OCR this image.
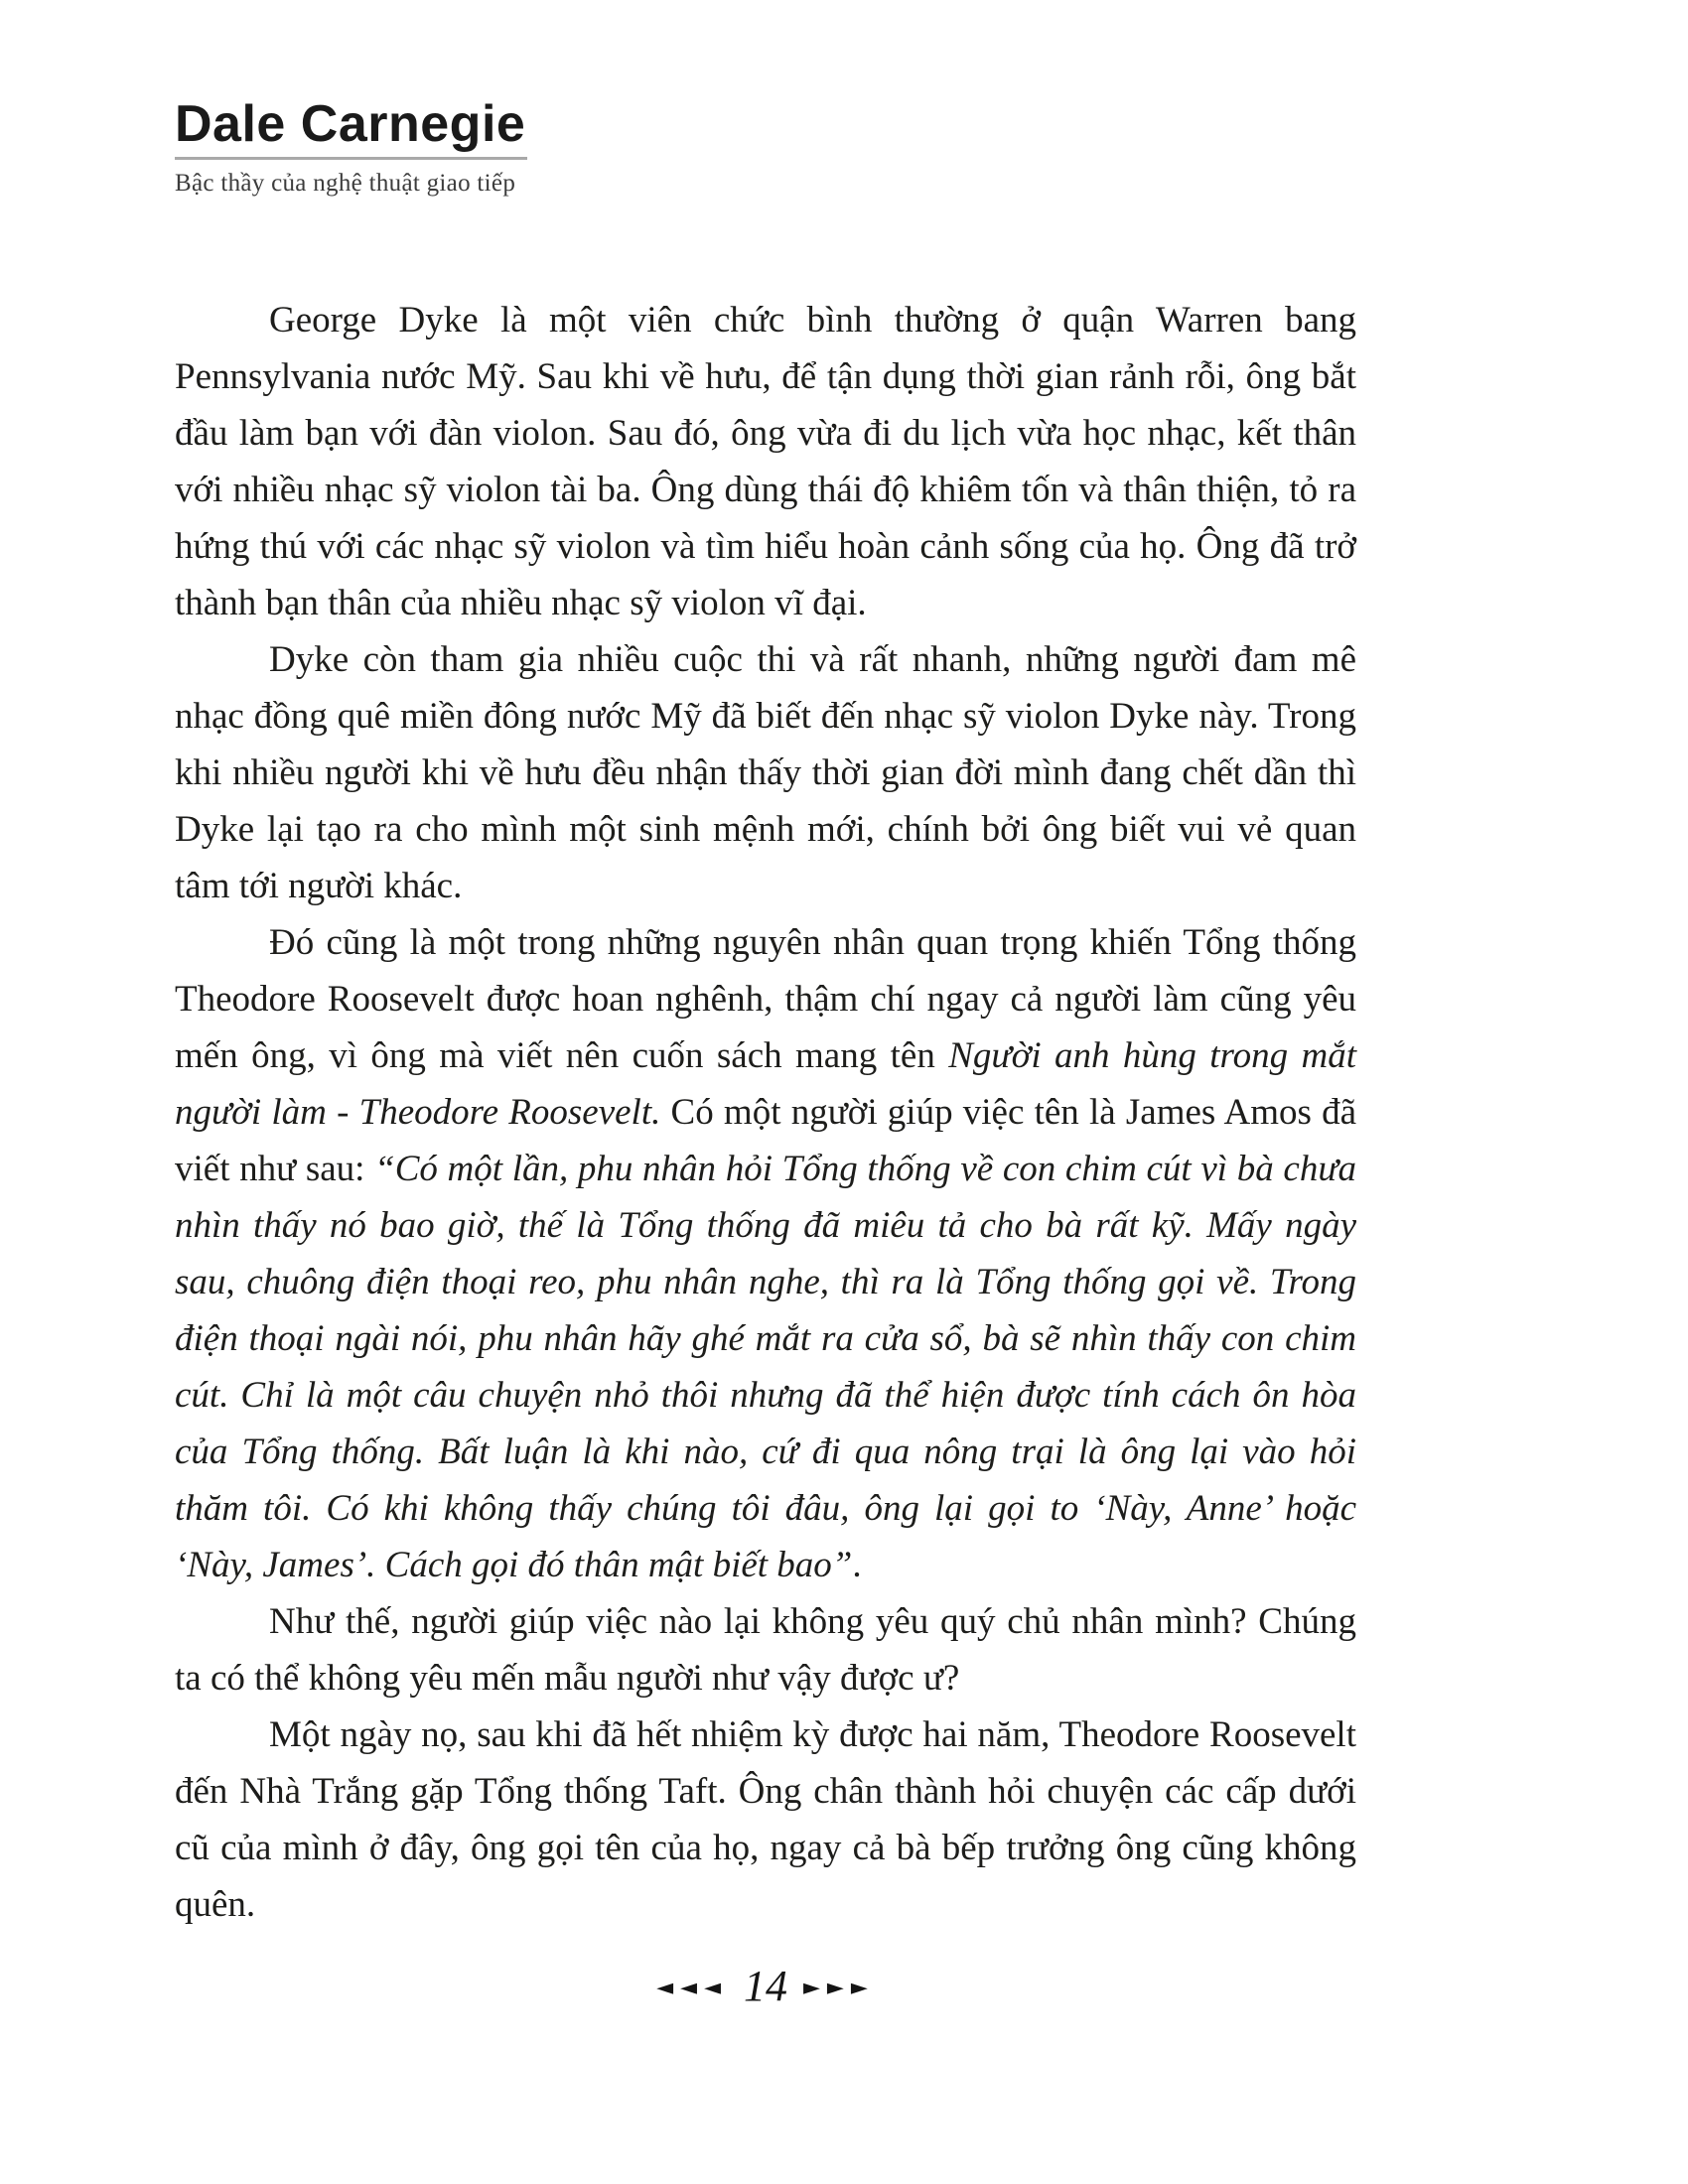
Dale Carnegie
Bậc thầy của nghệ thuật giao tiếp

George Dyke là một viên chức bình thường ở quận Warren bang Pennsylvania nước Mỹ. Sau khi về hưu, để tận dụng thời gian rảnh rỗi, ông bắt đầu làm bạn với đàn violon. Sau đó, ông vừa đi du lịch vừa học nhạc, kết thân với nhiều nhạc sỹ violon tài ba. Ông dùng thái độ khiêm tốn và thân thiện, tỏ ra hứng thú với các nhạc sỹ violon và tìm hiểu hoàn cảnh sống của họ. Ông đã trở thành bạn thân của nhiều nhạc sỹ violon vĩ đại.

Dyke còn tham gia nhiều cuộc thi và rất nhanh, những người đam mê nhạc đồng quê miền đông nước Mỹ đã biết đến nhạc sỹ violon Dyke này. Trong khi nhiều người khi về hưu đều nhận thấy thời gian đời mình đang chết dần thì Dyke lại tạo ra cho mình một sinh mệnh mới, chính bởi ông biết vui vẻ quan tâm tới người khác.

Đó cũng là một trong những nguyên nhân quan trọng khiến Tổng thống Theodore Roosevelt được hoan nghênh, thậm chí ngay cả người làm cũng yêu mến ông, vì ông mà viết nên cuốn sách mang tên Người anh hùng trong mắt người làm - Theodore Roosevelt. Có một người giúp việc tên là James Amos đã viết như sau: “Có một lần, phu nhân hỏi Tổng thống về con chim cút vì bà chưa nhìn thấy nó bao giờ, thế là Tổng thống đã miêu tả cho bà rất kỹ. Mấy ngày sau, chuông điện thoại reo, phu nhân nghe, thì ra là Tổng thống gọi về. Trong điện thoại ngài nói, phu nhân hãy ghé mắt ra cửa sổ, bà sẽ nhìn thấy con chim cút. Chỉ là một câu chuyện nhỏ thôi nhưng đã thể hiện được tính cách ôn hòa của Tổng thống. Bất luận là khi nào, cứ đi qua nông trại là ông lại vào hỏi thăm tôi. Có khi không thấy chúng tôi đâu, ông lại gọi to ‘Này, Anne’ hoặc ‘Này, James’. Cách gọi đó thân mật biết bao”.

Như thế, người giúp việc nào lại không yêu quý chủ nhân mình? Chúng ta có thể không yêu mến mẫu người như vậy được ư?

Một ngày nọ, sau khi đã hết nhiệm kỳ được hai năm, Theodore Roosevelt đến Nhà Trắng gặp Tổng thống Taft. Ông chân thành hỏi chuyện các cấp dưới cũ của mình ở đây, ông gọi tên của họ, ngay cả bà bếp trưởng ông cũng không quên.

◄◄◄ 14 ►►►
